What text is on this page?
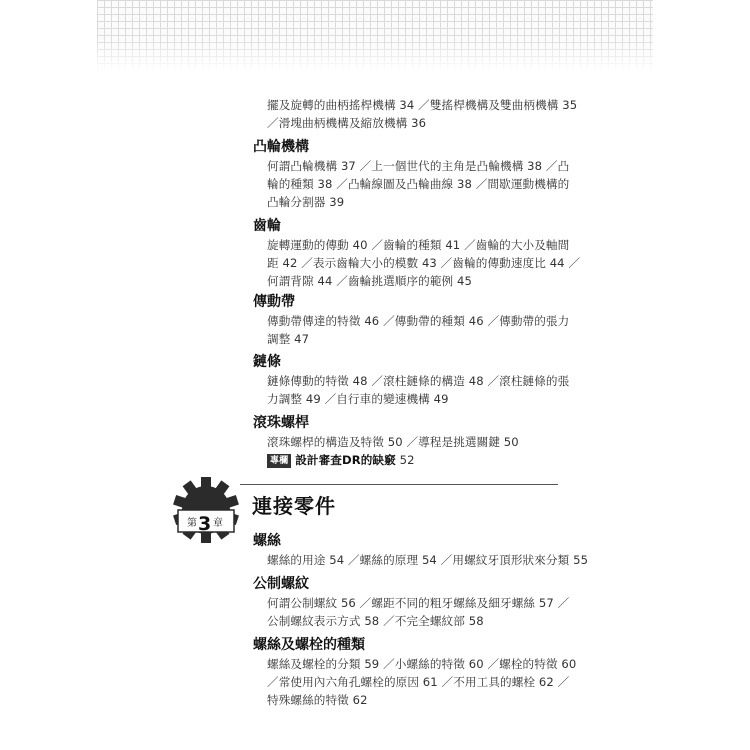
擺及旋轉的曲柄搖桿機構 34 ／雙搖桿機構及雙曲柄機構 35
／滑塊曲柄機構及縮放機構 36
凸輪機構
何謂凸輪機構 37 ／上一個世代的主角是凸輪機構 38 ／凸
輪的種類 38 ／凸輪線圖及凸輪曲線 38 ／間歇運動機構的
凸輪分割器 39
齒輪
旋轉運動的傳動 40 ／齒輪的種類 41 ／齒輪的大小及軸間
距 42 ／表示齒輪大小的模數 43 ／齒輪的傳動速度比 44 ／
何謂背隙 44 ／齒輪挑選順序的範例 45
傳動帶
傳動帶傳達的特徵 46 ／傳動帶的種類 46 ／傳動帶的張力
調整 47
鏈條
鏈條傳動的特徵 48 ／滾柱鏈條的構造 48 ／滾柱鏈條的張
力調整 49 ／自行車的變速機構 49
滾珠螺桿
滾珠螺桿的構造及特徵 50 ／導程是挑選關鍵 50
專欄 設計審查DR的缺竅 52
第 3 章
連接零件
螺絲
螺絲的用途 54 ／螺絲的原理 54 ／用螺紋牙頂形狀來分類 55
公制螺紋
何謂公制螺紋 56 ／螺距不同的粗牙螺絲及細牙螺絲 57 ／
公制螺紋表示方式 58 ／不完全螺紋部 58
螺絲及螺栓的種類
螺絲及螺栓的分類 59 ／小螺絲的特徵 60 ／螺栓的特徵 60
／常使用內六角孔螺栓的原因 61 ／不用工具的螺栓 62 ／
特殊螺絲的特徵 62
